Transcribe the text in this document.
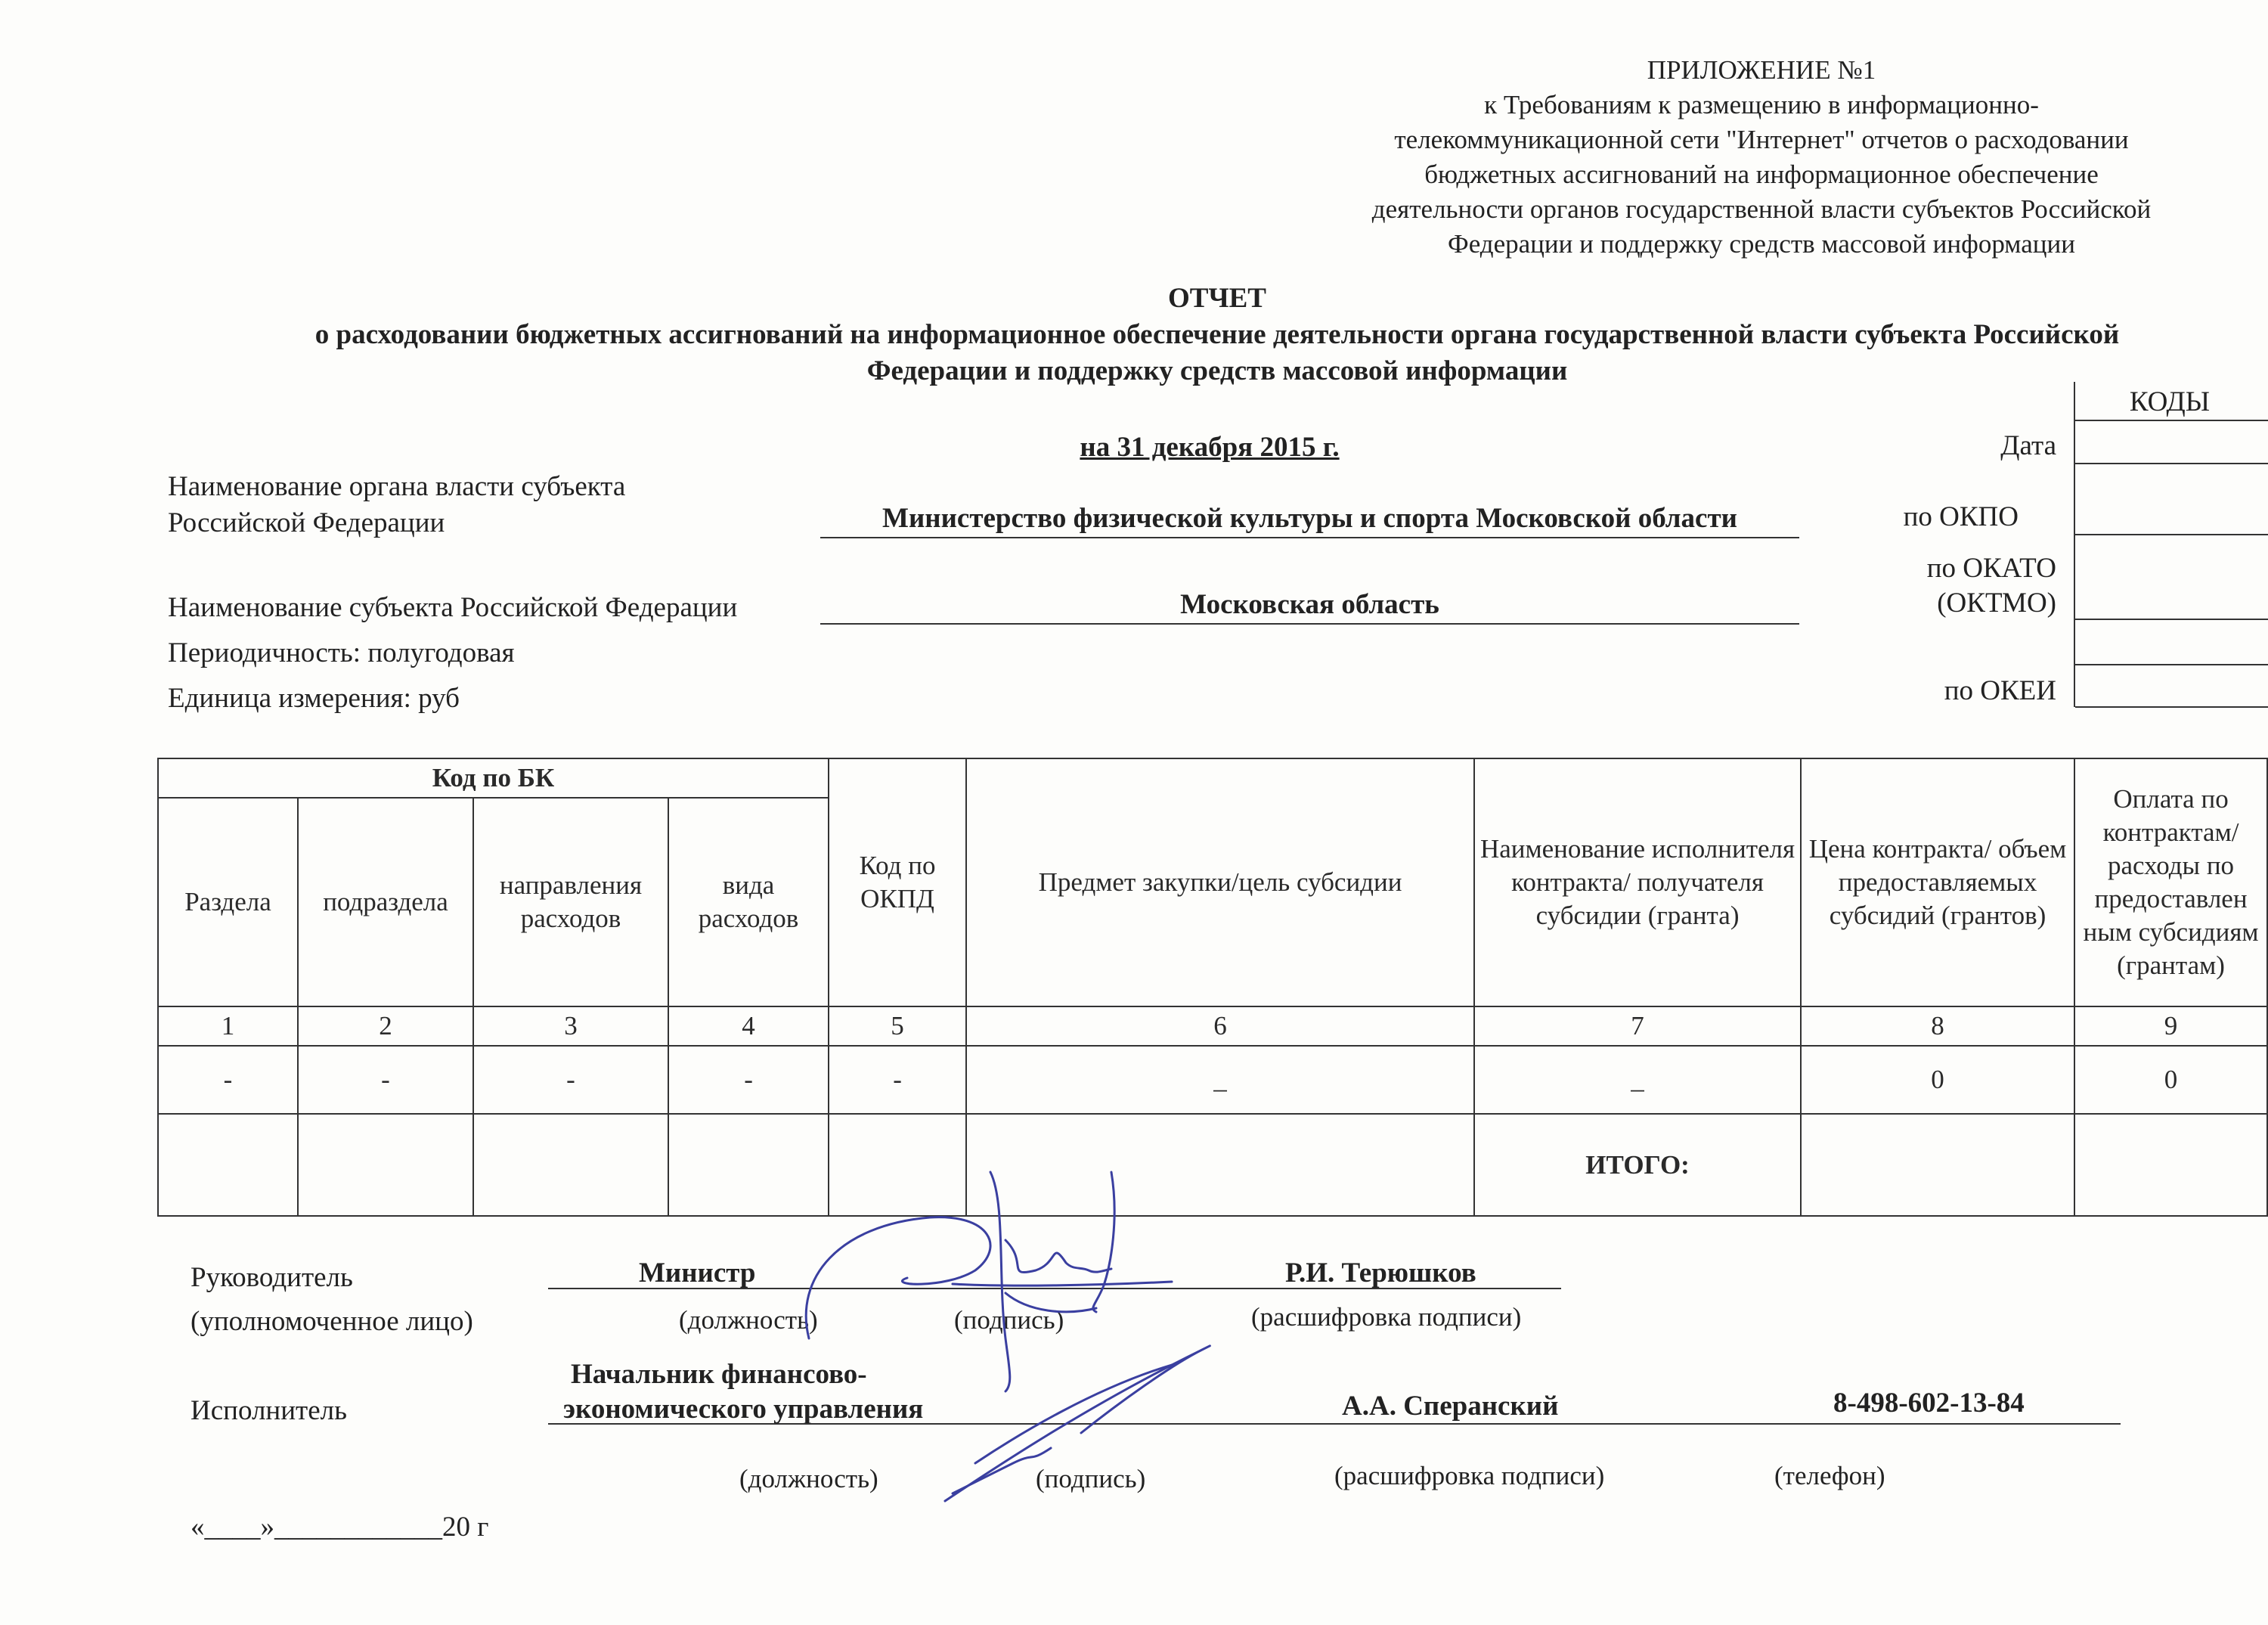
ПРИЛОЖЕНИЕ №1
к Требованиям к размещению в информационно-
телекоммуникационной сети "Интернет" отчетов о расходовании
бюджетных ассигнований на информационное обеспечение
деятельности органов государственной власти субъектов Российской
Федерации и поддержку средств массовой информации
ОТЧЕТ
о расходовании бюджетных ассигнований на информационное обеспечение деятельности органа государственной власти субъекта Российской
Федерации и поддержку средств массовой информации
на 31 декабря 2015 г.
Наименование органа власти субъекта
Российской Федерации	Министерство физической культуры и спорта Московской области
Наименование субъекта Российской Федерации	Московская область
Периодичность: полугодовая
Единица измерения: руб
КОДЫ
Дата
по ОКПО
по ОКАТО
(ОКТМО)
по ОКЕИ
Код по БК				Код по ОКПД	Предмет закупки/цель субсидии	Наименование исполнителя контракта/ получателя субсидии (гранта)	Цена контракта/ объем предоставляемых субсидий (грантов)	Оплата по контрактам/ расходы по предоставлен ным субсидиям (грантам)
Раздела	подраздела	направления расходов	вида расходов					
1	2	3	4	5	6	7	8	9
-	-	-	-	-	_	_	0	0
						ИТОГО:		
Руководитель
(уполномоченное лицо)
Министр	Р.И. Терюшков
(должность)	(подпись)	(расшифровка подписи)
Исполнитель
Начальник финансово-
экономического управления	А.А. Сперанский	8-498-602-13-84
(должность)	(подпись)	(расшифровка подписи)	(телефон)
«____»____________20 г
